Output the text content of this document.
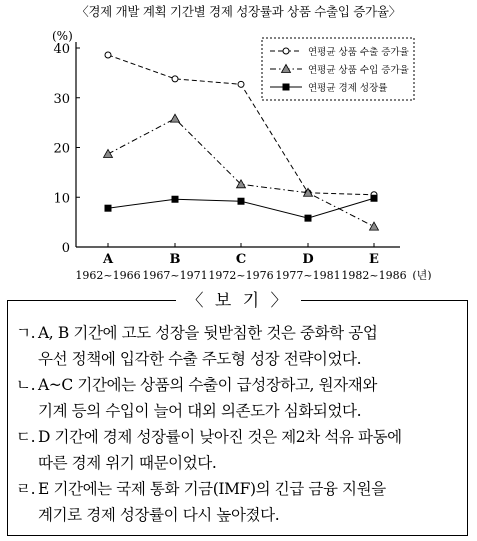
〈경제 개발 계획 기간별 경제 성장률과 상품 수출입 증가율〉
0
10
20
30
40
(%)
A
1962~1966
B
1967~1971
C
1972~1976
D
1977~1981
E
1982~1986 (년)
연평균 상품 수출 증가율
연평균 상품 수입 증가율
연평균 경제 성장률
〈 보 기 〉
ㄱ. A, B 기간에 고도 성장을 뒷받침한 것은 중화학 공업
우선 정책에 입각한 수출 주도형 성장 전략이었다.
ㄴ. A~C 기간에는 상품의 수출이 급성장하고, 원자재와
기계 등의 수입이 늘어 대외 의존도가 심화되었다.
ㄷ. D 기간에 경제 성장률이 낮아진 것은 제2차 석유 파동에
따른 경제 위기 때문이었다.
ㄹ. E 기간에는 국제 통화 기금(IMF)의 긴급 금융 지원을
계기로 경제 성장률이 다시 높아졌다.
